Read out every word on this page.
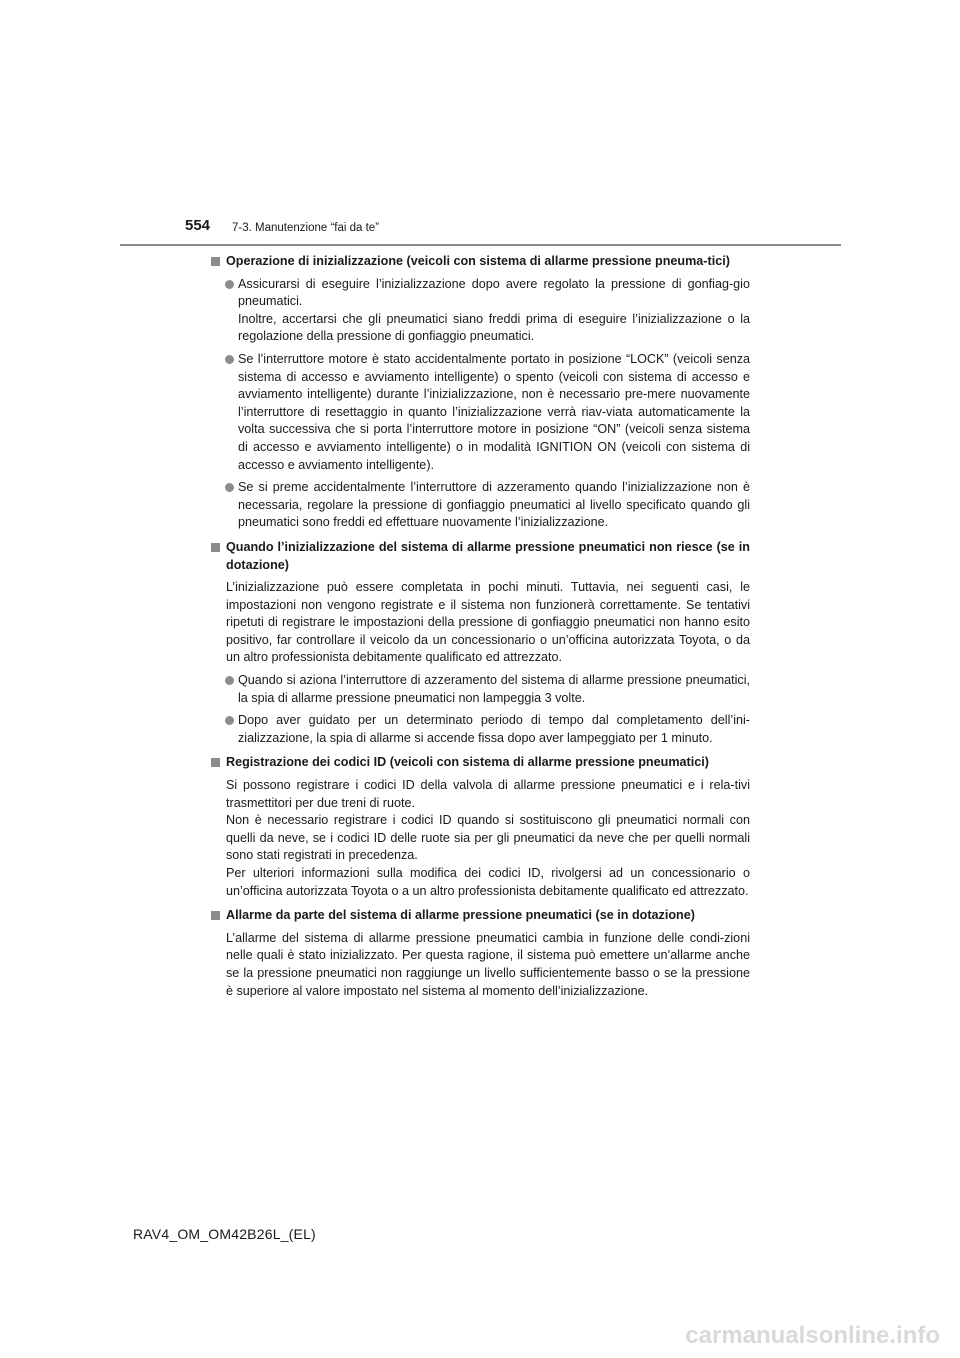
554 7-3. Manutenzione “fai da te”
Operazione di inizializzazione (veicoli con sistema di allarme pressione pneuma-tici)

Assicurarsi di eseguire l’inizializzazione dopo avere regolato la pressione di gonfiag-gio pneumatici.

Inoltre, accertarsi che gli pneumatici siano freddi prima di eseguire l’inizializzazione o la regolazione della pressione di gonfiaggio pneumatici.

Se l’interruttore motore è stato accidentalmente portato in posizione “LOCK” (veicoli senza sistema di accesso e avviamento intelligente) o spento (veicoli con sistema di accesso e avviamento intelligente) durante l’inizializzazione, non è necessario pre-mere nuovamente l’interruttore di resettaggio in quanto l’inizializzazione verrà riav-viata automaticamente la volta successiva che si porta l’interruttore motore in posizione “ON” (veicoli senza sistema di accesso e avviamento intelligente) o in modalità IGNITION ON (veicoli con sistema di accesso e avviamento intelligente).

Se si preme accidentalmente l’interruttore di azzeramento quando l’inizializzazione non è necessaria, regolare la pressione di gonfiaggio pneumatici al livello specificato quando gli pneumatici sono freddi ed effettuare nuovamente l’inizializzazione.

Quando l’inizializzazione del sistema di allarme pressione pneumatici non riesce (se in dotazione)

L’inizializzazione può essere completata in pochi minuti. Tuttavia, nei seguenti casi, le impostazioni non vengono registrate e il sistema non funzionerà correttamente. Se tentativi ripetuti di registrare le impostazioni della pressione di gonfiaggio pneumatici non hanno esito positivo, far controllare il veicolo da un concessionario o un’officina autorizzata Toyota, o da un altro professionista debitamente qualificato ed attrezzato.

Quando si aziona l’interruttore di azzeramento del sistema di allarme pressione pneumatici, la spia di allarme pressione pneumatici non lampeggia 3 volte.

Dopo aver guidato per un determinato periodo di tempo dal completamento dell’ini-zializzazione, la spia di allarme si accende fissa dopo aver lampeggiato per 1 minuto.

Registrazione dei codici ID (veicoli con sistema di allarme pressione pneumatici)

Si possono registrare i codici ID della valvola di allarme pressione pneumatici e i rela-tivi trasmettitori per due treni di ruote.

Non è necessario registrare i codici ID quando si sostituiscono gli pneumatici normali con quelli da neve, se i codici ID delle ruote sia per gli pneumatici da neve che per quelli normali sono stati registrati in precedenza.

Per ulteriori informazioni sulla modifica dei codici ID, rivolgersi ad un concessionario o un’officina autorizzata Toyota o a un altro professionista debitamente qualificato ed attrezzato.

Allarme da parte del sistema di allarme pressione pneumatici (se in dotazione)

L’allarme del sistema di allarme pressione pneumatici cambia in funzione delle condi-zioni nelle quali è stato inizializzato. Per questa ragione, il sistema può emettere un’allarme anche se la pressione pneumatici non raggiunge un livello sufficientemente basso o se la pressione è superiore al valore impostato nel sistema al momento dell’inizializzazione.

RAV4_OM_OM42B26L_(EL)
carmanualsonline.info
